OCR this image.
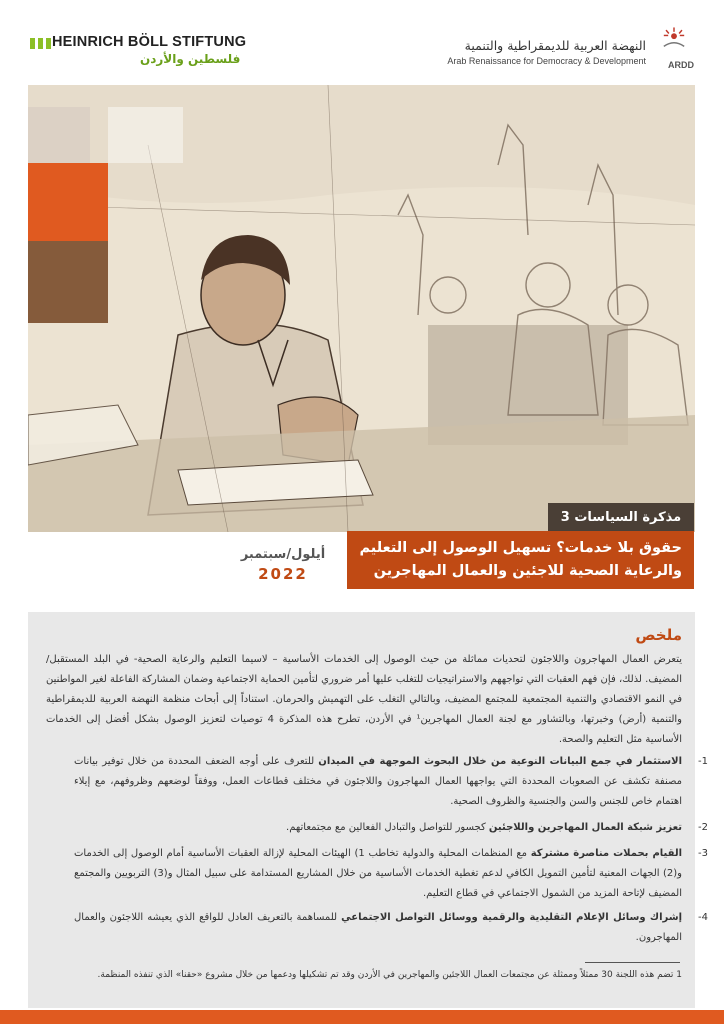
HEINRICH BÖLL STIFTUNG
فلسطين والأردن
النهضة العربية للديمقراطية والتنمية
Arab Renaissance for Democracy & Development ARDD
مذكرة السياسات 3
حقوق بلا خدمات؟ تسهيل الوصول إلى التعليم
والرعاية الصحية للاجئين والعمال المهاجرين
أيلول/سبتمبر
2022
ملخص
يتعرض العمال المهاجرون واللاجئون لتحديات مماثلة من حيث الوصول إلى الخدمات الأساسية – لاسيما التعليم والرعاية الصحية- في البلد المستقبل/ المضيف. لذلك، فإن فهم العقبات التي تواجههم والاستراتيجيات للتغلب عليها أمر ضروري لتأمين الحماية الاجتماعية وضمان المشاركة الفاعلة لغير المواطنين في النمو الاقتصادي والتنمية المجتمعية للمجتمع المضيف، وبالتالي التغلب على التهميش والحرمان. استناداً إلى أبحاث منظمة النهضة العربية للديمقراطية والتنمية (أرض) وخبرتها، وبالتشاور مع لجنة العمال المهاجرين¹ في الأردن، تطرح هذه المذكرة 4 توصيات لتعزيز الوصول بشكل أفضل إلى الخدمات الأساسية مثل التعليم والصحة.
1-
الاستثمار في جمع البيانات النوعية من خلال البحوث الموجهة في الميدان للتعرف على أوجه الضعف المحددة من خلال توفير بيانات مصنفة تكشف عن الصعوبات المحددة التي يواجهها العمال المهاجرون واللاجئون في مختلف قطاعات العمل، ووفقاً لوضعهم وظروفهم، مع إيلاء اهتمام خاص للجنس والسن والجنسية والظروف الصحية.
2-
تعزيز شبكة العمال المهاجرين واللاجئين كجسور للتواصل والتبادل الفعالين مع مجتمعاتهم.
3-
القيام بحملات مناصرة مشتركة مع المنظمات المحلية والدولية تخاطب 1) الهيئات المحلية لإزالة العقبات الأساسية أمام الوصول إلى الخدمات و(2) الجهات المعنية لتأمين التمويل الكافي لدعم تغطية الخدمات الأساسية من خلال المشاريع المستدامة على سبيل المثال و(3) التربويين والمجتمع المضيف لإتاحة المزيد من الشمول الاجتماعي في قطاع التعليم.
4-
إشراك وسائل الإعلام التقليدية والرقمية ووسائل التواصل الاجتماعي للمساهمة بالتعريف العادل للواقع الذي يعيشه اللاجئون والعمال المهاجرون.
1 تضم هذه اللجنة 30 ممثلاً وممثلة عن مجتمعات العمال اللاجئين والمهاجرين في الأردن وقد تم تشكيلها ودعمها من خلال مشروع «حقنا» الذي تنفذه المنظمة.
